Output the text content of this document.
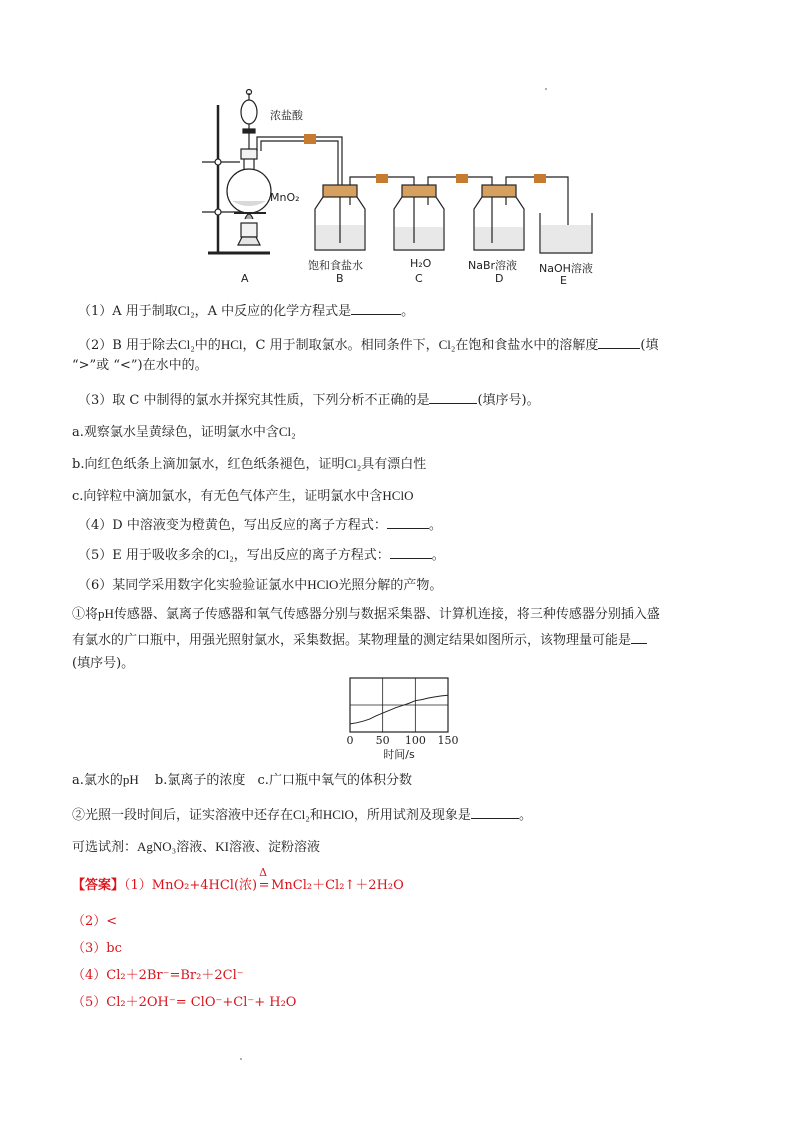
浓盐酸
MnO₂
饱和食盐水	H₂O	NaBr溶液 NaOH溶液
A	B	C	D	E
（1）A 用于制取Cl₂，A 中反应的化学方程式是	。
（2）B 用于除去Cl₂中的HCl，C 用于制取氯水。相同条件下，Cl₂在饱和食盐水中的溶解度	(填
“>”或 “<”)在水中的。
（3）取 C 中制得的氯水并探究其性质，下列分析不正确的是	(填序号)。
a.观察氯水呈黄绿色，证明氯水中含Cl₂
b.向红色纸条上滴加氯水，红色纸条褪色，证明Cl₂具有漂白性
c.向锌粒中滴加氯水，有无色气体产生，证明氯水中含HClO
（4）D 中溶液变为橙黄色，写出反应的离子方程式：	。
（5）E 用于吸收多余的Cl₂，写出反应的离子方程式：	。
（6）某同学采用数字化实验验证氯水中HClO光照分解的产物。
①将pH传感器、氯离子传感器和氧气传感器分别与数据采集器、计算机连接，将三种传感器分别插入盛
有氯水的广口瓶中，用强光照射氯水，采集数据。某物理量的测定结果如图所示，该物理量可能是
(填序号)。
0 50 100 150
时间/s
a.氯水的pH b.氯离子的浓度 c.广口瓶中氧气的体积分数
②光照一段时间后，证实溶液中还存在Cl₂和HClO，所用试剂及现象是	。
可选试剂：AgNO₃溶液、KI溶液、淀粉溶液
【答案】（1）MnO₂+4HCl(浓)
Δ
= MnCl₂＋Cl₂↑＋2H₂O
（2）<
（3）bc
（4）Cl₂＋2Br⁻=Br₂＋2Cl⁻
（5）Cl₂＋2OH⁻= ClO⁻+Cl⁻+ H₂O
